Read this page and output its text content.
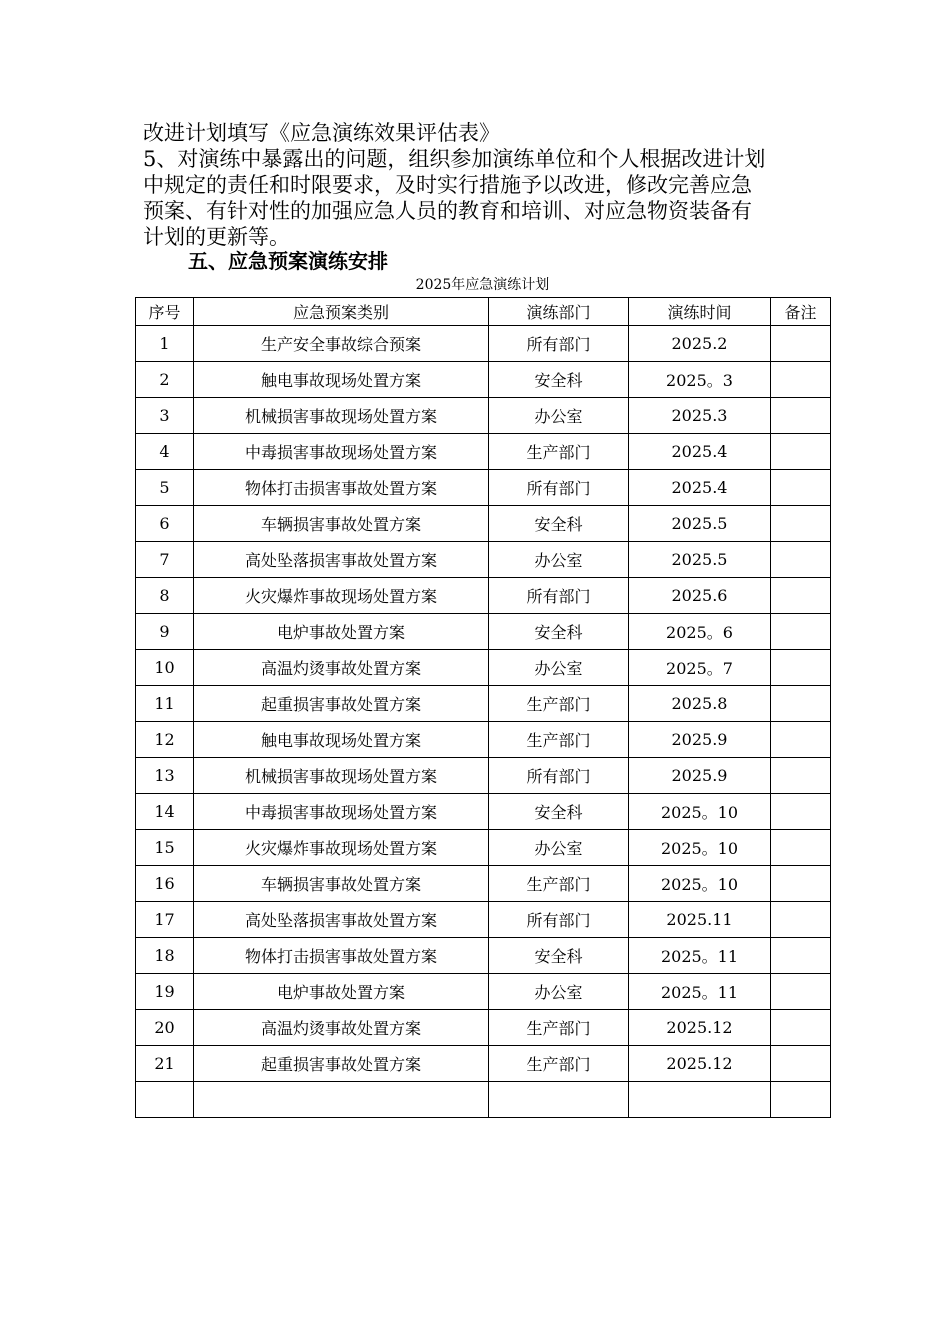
改进计划填写《应急演练效果评估表》

5、对演练中暴露出的问题，组织参加演练单位和个人根据改进计划

中规定的责任和时限要求，及时实行措施予以改进，修改完善应急

预案、有针对性的加强应急人员的教育和培训、对应急物资装备有

计划的更新等。

五、应急预案演练安排
2025年应急演练计划
序号	应急预案类别	演练部门	演练时间	备注
1	生产安全事故综合预案	所有部门	2025.2	
2	触电事故现场处置方案	安全科	2025。3	
3	机械损害事故现场处置方案	办公室	2025.3	
4	中毒损害事故现场处置方案	生产部门	2025.4	
5	物体打击损害事故处置方案	所有部门	2025.4	
6	车辆损害事故处置方案	安全科	2025.5	
7	高处坠落损害事故处置方案	办公室	2025.5	
8	火灾爆炸事故现场处置方案	所有部门	2025.6	
9	电炉事故处置方案	安全科	2025。6	
10	高温灼烫事故处置方案	办公室	2025。7	
11	起重损害事故处置方案	生产部门	2025.8	
12	触电事故现场处置方案	生产部门	2025.9	
13	机械损害事故现场处置方案	所有部门	2025.9	
14	中毒损害事故现场处置方案	安全科	2025。10	
15	火灾爆炸事故现场处置方案	办公室	2025。10	
16	车辆损害事故处置方案	生产部门	2025。10	
17	高处坠落损害事故处置方案	所有部门	2025.11	
18	物体打击损害事故处置方案	安全科	2025。11	
19	电炉事故处置方案	办公室	2025。11	
20	高温灼烫事故处置方案	生产部门	2025.12	
21	起重损害事故处置方案	生产部门	2025.12	
